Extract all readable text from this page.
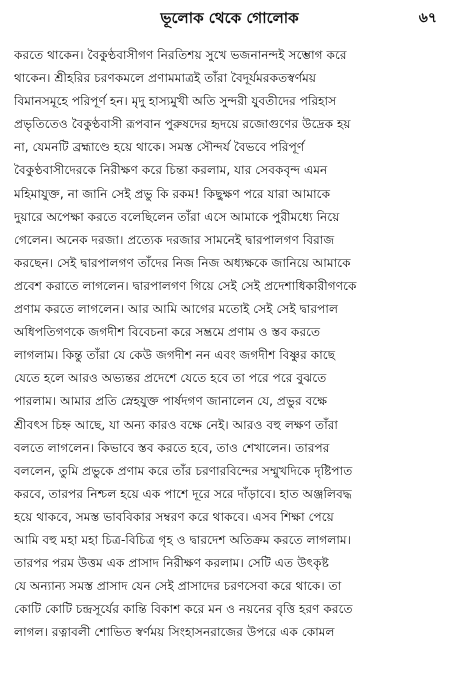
ভূলোক থেকে গোলোক	৬৭
করতে থাকেন। বৈকুণ্ঠবাসীগণ নিরতিশয় সুখে ভজনানন্দই সম্ভোগ করে
থাকেন। শ্রীহরির চরণকমলে প্রণামমাত্রই তাঁরা বৈদূর্যমরকতস্বর্ণময়
বিমানসমূহে পরিপূর্ণ হন। মৃদু হাস্যমুখী অতি সুন্দরী যুবতীদের পরিহাস
প্রভৃতিতেও বৈকুণ্ঠবাসী রূপবান পুরুষদের হৃদয়ে রজোগুণের উদ্রেক হয়
না, যেমনটি ব্রহ্মাণ্ডে হয়ে থাকে। সমস্ত সৌন্দর্য বৈভবে পরিপূর্ণ
বৈকুণ্ঠবাসীদেরকে নিরীক্ষণ করে চিন্তা করলাম, যার সেবকবৃন্দ এমন
মহিমাযুক্ত, না জানি সেই প্রভু কি রকম! কিছুক্ষণ পরে যারা আমাকে
দুয়ারে অপেক্ষা করতে বলেছিলেন তাঁরা এসে আমাকে পুরীমধ্যে নিয়ে
গেলেন। অনেক দরজা। প্রত্যেক দরজার সামনেই দ্বারপালগণ বিরাজ
করছেন। সেই দ্বারপালগণ তাঁদের নিজ নিজ অধ্যক্ষকে জানিয়ে আমাকে
প্রবেশ করাতে লাগলেন। দ্বারপালগণ গিয়ে সেই সেই প্রদেশাধিকারীগণকে
প্রণাম করতে লাগলেন। আর আমি আগের মতোই সেই সেই দ্বারপাল
অধিপতিগণকে জগদীশ বিবেচনা করে সম্ভ্রমে প্রণাম ও স্তব করতে
লাগলাম। কিন্তু তাঁরা যে কেউ জগদীশ নন এবং জগদীশ বিষ্ণুর কাছে
যেতে হলে আরও অভ্যন্তর প্রদেশে যেতে হবে তা পরে পরে বুঝতে
পারলাম। আমার প্রতি স্নেহযুক্ত পার্ষদগণ জানালেন যে, প্রভুর বক্ষে
শ্রীবৎস চিহ্ন আছে, যা অন্য কারও বক্ষে নেই। আরও বহু লক্ষণ তাঁরা
বলতে লাগলেন। কিভাবে স্তব করতে হবে, তাও শেখালেন। তারপর
বললেন, তুমি প্রভুকে প্রণাম করে তাঁর চরণারবিন্দের সম্মুখদিকে দৃষ্টিপাত
করবে, তারপর নিশ্চল হয়ে এক পাশে দূরে সরে দাঁড়াবে। হাত অঞ্জলিবদ্ধ
হয়ে থাকবে, সমস্ত ভাববিকার সম্বরণ করে থাকবে। এসব শিক্ষা পেয়ে
আমি বহু মহা মহা চিত্র-বিচিত্র গৃহ ও দ্বারদেশ অতিক্রম করতে লাগলাম।
তারপর পরম উত্তম এক প্রাসাদ নিরীক্ষণ করলাম। সেটি এত উৎকৃষ্ট
যে অন্যান্য সমস্ত প্রাসাদ যেন সেই প্রাসাদের চরণসেবা করে থাকে। তা
কোটি কোটি চন্দ্রসূর্যের কান্তি বিকাশ করে মন ও নয়নের বৃত্তি হরণ করতে
লাগল। রত্নাবলী শোভিত স্বর্ণময় সিংহাসনরাজের উপরে এক কোমল
